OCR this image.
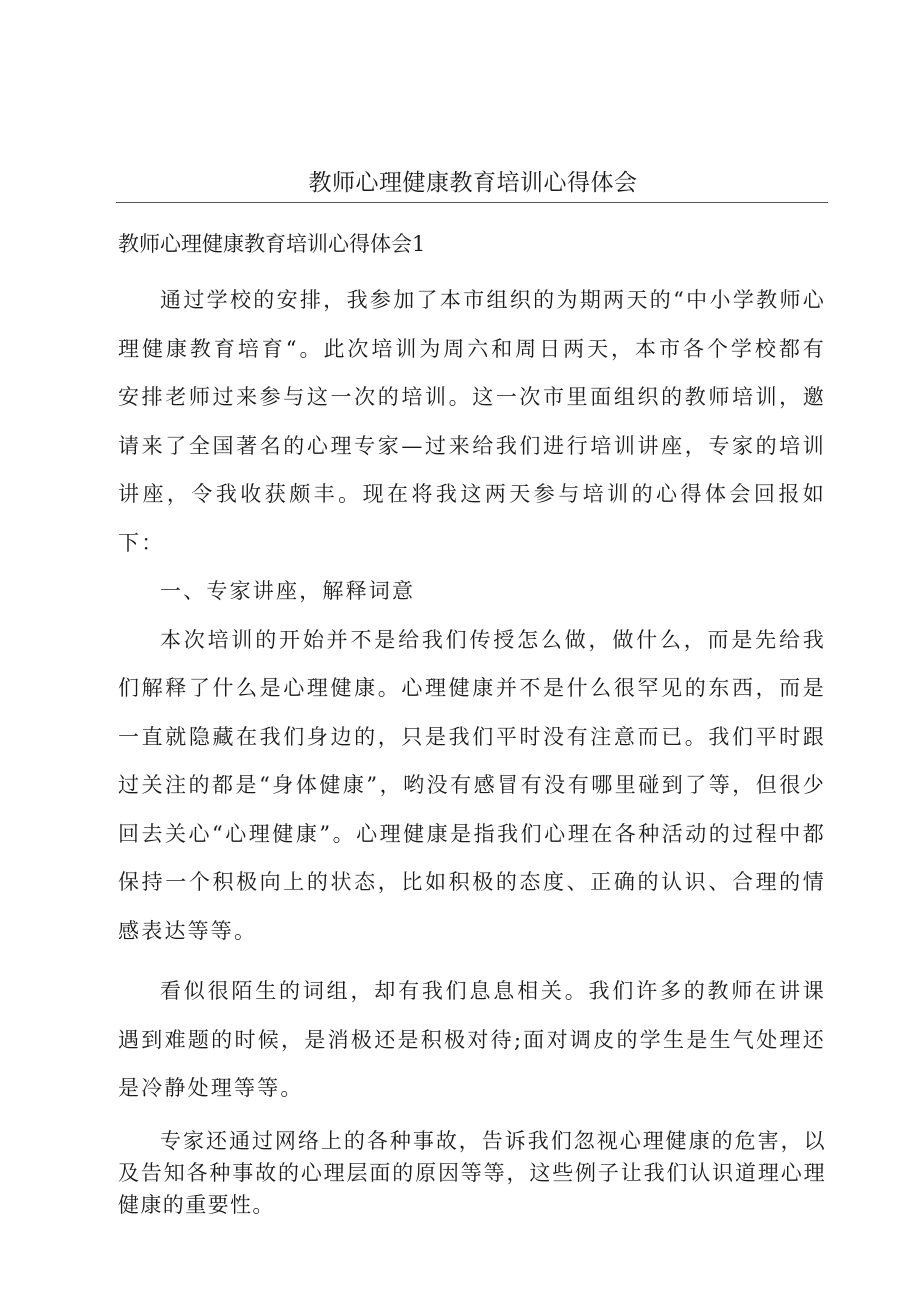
教师心理健康教育培训心得体会
教师心理健康教育培训心得体会1

通过学校的安排，我参加了本市组织的为期两天的“中小学教师心理健康教育培育“。此次培训为周六和周日两天，本市各个学校都有安排老师过来参与这一次的培训。这一次市里面组织的教师培训，邀请来了全国著名的心理专家—过来给我们进行培训讲座，专家的培训讲座，令我收获颇丰。现在将我这两天参与培训的心得体会回报如下：

一、专家讲座，解释词意

本次培训的开始并不是给我们传授怎么做，做什么，而是先给我们解释了什么是心理健康。心理健康并不是什么很罕见的东西，而是一直就隐藏在我们身边的，只是我们平时没有注意而已。我们平时跟过关注的都是“身体健康”，哟没有感冒有没有哪里碰到了等，但很少回去关心“心理健康”。心理健康是指我们心理在各种活动的过程中都保持一个积极向上的状态，比如积极的态度、正确的认识、合理的情感表达等等。

看似很陌生的词组，却有我们息息相关。我们许多的教师在讲课遇到难题的时候，是消极还是积极对待;面对调皮的学生是生气处理还是冷静处理等等。

专家还通过网络上的各种事故，告诉我们忽视心理健康的危害，以及告知各种事故的心理层面的原因等等，这些例子让我们认识道理心理健康的重要性。
